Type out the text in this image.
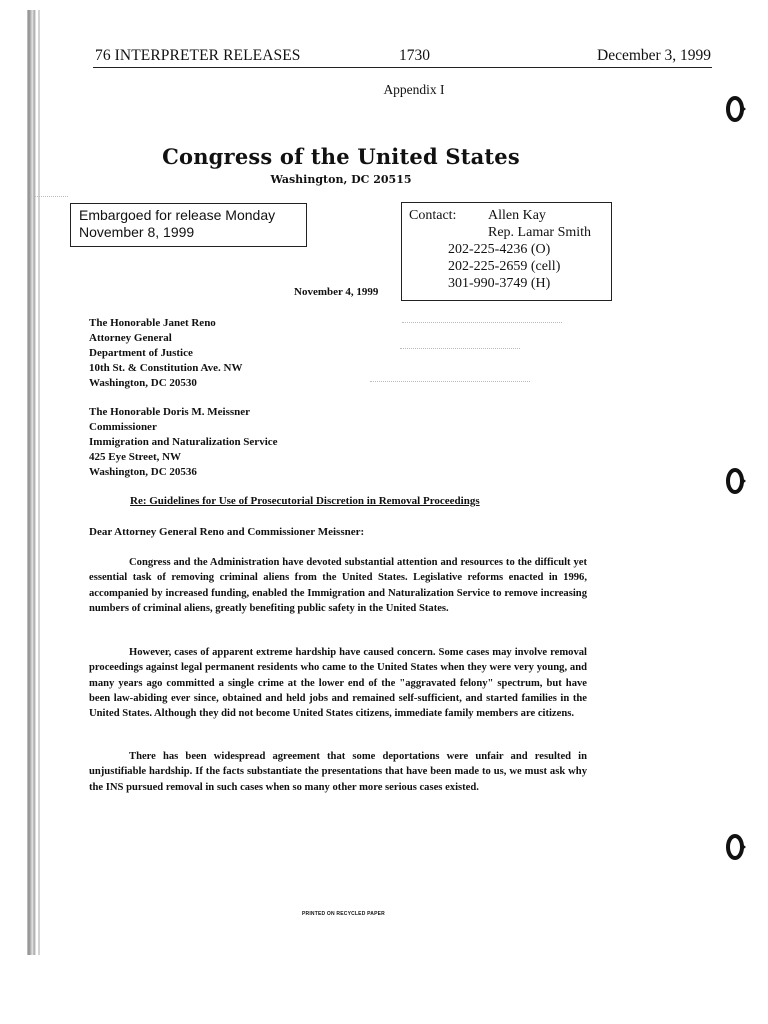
76 INTERPRETER RELEASES	1730	December 3, 1999
Appendix I
Congress of the United States
Washington, DC 20515
Embargoed for release Monday
November 8, 1999
Contact: Allen Kay
Rep. Lamar Smith
202-225-4236 (O)
202-225-2659 (cell)
301-990-3749 (H)
November 4, 1999
The Honorable Janet Reno
Attorney General
Department of Justice
10th St. & Constitution Ave. NW
Washington, DC 20530
The Honorable Doris M. Meissner
Commissioner
Immigration and Naturalization Service
425 Eye Street, NW
Washington, DC 20536
Re: Guidelines for Use of Prosecutorial Discretion in Removal Proceedings
Dear Attorney General Reno and Commissioner Meissner:
Congress and the Administration have devoted substantial attention and resources to the difficult yet essential task of removing criminal aliens from the United States. Legislative reforms enacted in 1996, accompanied by increased funding, enabled the Immigration and Naturalization Service to remove increasing numbers of criminal aliens, greatly benefiting public safety in the United States.
However, cases of apparent extreme hardship have caused concern. Some cases may involve removal proceedings against legal permanent residents who came to the United States when they were very young, and many years ago committed a single crime at the lower end of the "aggravated felony" spectrum, but have been law-abiding ever since, obtained and held jobs and remained self-sufficient, and started families in the United States. Although they did not become United States citizens, immediate family members are citizens.
There has been widespread agreement that some deportations were unfair and resulted in unjustifiable hardship. If the facts substantiate the presentations that have been made to us, we must ask why the INS pursued removal in such cases when so many other more serious cases existed.
PRINTED ON RECYCLED PAPER
